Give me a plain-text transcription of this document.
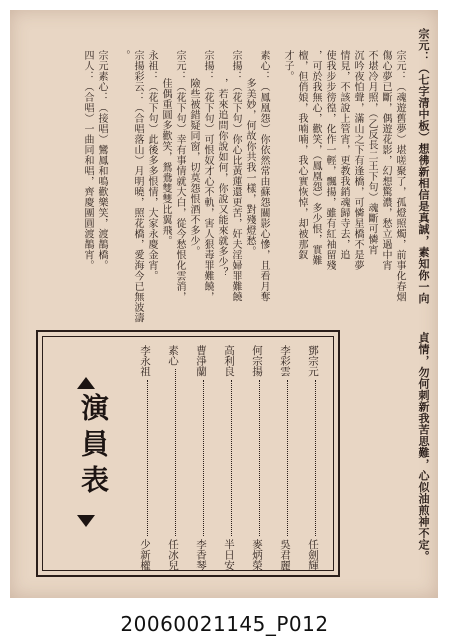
宗元：（七字清中板）想彿新相信是真誠，素知你一向
貞情，勿何刺新我苦思難，心似油煎神不定。
宗元：（魂遊舊夢）堪嗟聚了，孤燈照燭，前事化春烟
傷心夢已斷，偶遊花影，幻想驚濃，愁立過中宵
不堪冷月照，（乙反長二王下句）魂斷可憐宵
沉吟夜怕聲，滿山之下有逢橋，可憐星橋不是夢
情見，不該說上管宵，更教我銷魂歸寺去，追
使我步步徬徨，化作一輕，飄揚，雖有紅袖留殘
，可於我無心，歡笑，（鳳凰怨）多少恨，實難
檀，但俏娘，我喃喃，我心實恢悼，却被那釵
才子。
素心：（鳳凰怨）你依然常由蘇怨關影心慘，且看月奪
多美妙，何故你共我一樣，對殘燈愁。
宗揚：（花下句）你心比黃蓮還更苦，奸夫淫婦罪難饒
，若來追問你說如何，你說又能來就多少？
宗揚：（花下句）可恨奴才心不軌，害人狠毒罪難饒，
險些被錯疑同窗，切莫怨恨酒不多少。
宗元：（花下句）幸有事情就大白，從今愁恨化雲消，
佳偶重圓多歡笑，鴛鴦雙雙比翼飛。
永祖：（花下句）此後多多恨情，大家永慶金宵。
宗揚彩云：（合唱落山）月明曉，照花橋，愛海今已無波濤
。
宗元素心：（接唱）鸞鳳和鳴歡樂笑，渡鵲橋。
四人：（合唱）一曲同和唱，齊慶團圓渡鵲宵。
演員表
鄧宗元
任劍輝
李彩雲
吳君麗
何宗揚
麥炳榮
高利良
半日安
曹淨蘭
李香琴
素心
任冰兒
李永祖
少新權
20060021145_P012
